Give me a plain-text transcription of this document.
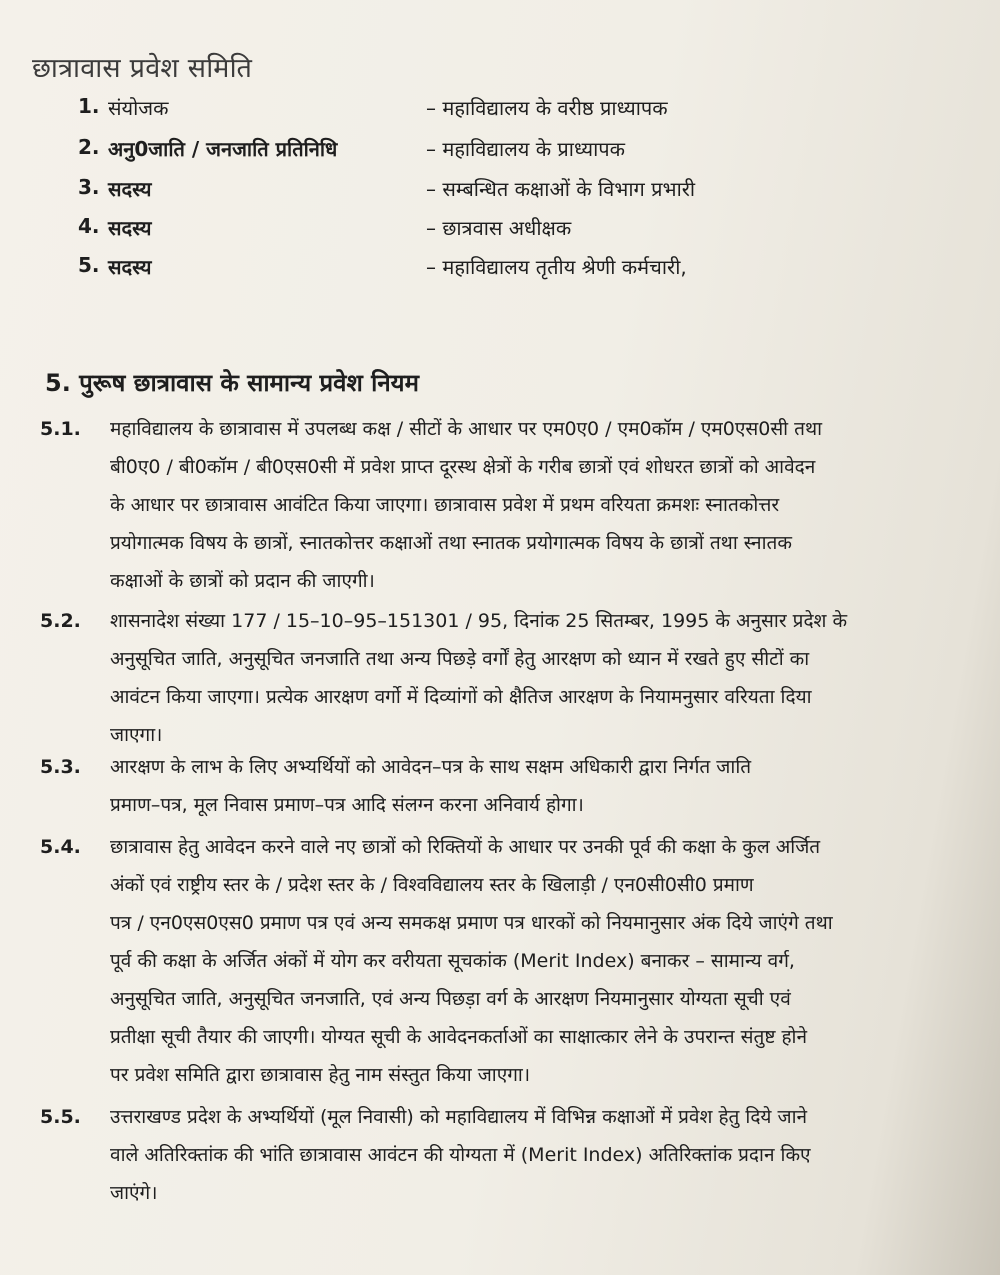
छात्रावास प्रवेश समिति
1. संयोजक	– महाविद्यालय के वरीष्ठ प्राध्यापक
2. अनु0जाति / जनजाति प्रतिनिधि	– महाविद्यालय के प्राध्यापक
3. सदस्य	– सम्बन्धित कक्षाओं के विभाग प्रभारी
4. सदस्य	– छात्रवास अधीक्षक
5. सदस्य	– महाविद्यालय तृतीय श्रेणी कर्मचारी,
5. पुरूष छात्रावास के सामान्य प्रवेश नियम
5.1. महाविद्यालय के छात्रावास में उपलब्ध कक्ष / सीटों के आधार पर एम0ए0 / एम0कॉम / एम0एस0सी तथा

बी0ए0 / बी0कॉम / बी0एस0सी में प्रवेश प्राप्त दूरस्थ क्षेत्रों के गरीब छात्रों एवं शोधरत छात्रों को आवेदन

के आधार पर छात्रावास आवंटित किया जाएगा। छात्रावास प्रवेश में प्रथम वरियता क्रमशः स्नातकोत्तर

प्रयोगात्मक विषय के छात्रों, स्नातकोत्तर कक्षाओं तथा स्नातक प्रयोगात्मक विषय के छात्रों तथा स्नातक

कक्षाओं के छात्रों को प्रदान की जाएगी।

5.2. शासनादेश संख्या 177 / 15–10–95–151301 / 95, दिनांक 25 सितम्बर, 1995 के अनुसार प्रदेश के

अनुसूचित जाति, अनुसूचित जनजाति तथा अन्य पिछड़े वर्गों हेतु आरक्षण को ध्यान में रखते हुए सीटों का

आवंटन किया जाएगा। प्रत्येक आरक्षण वर्गो में दिव्यांगों को क्षैतिज आरक्षण के नियामनुसार वरियता दिया

जाएगा।

5.3. आरक्षण के लाभ के लिए अभ्यर्थियों को आवेदन–पत्र के साथ सक्षम अधिकारी द्वारा निर्गत जाति

प्रमाण–पत्र, मूल निवास प्रमाण–पत्र आदि संलग्न करना अनिवार्य होगा।

5.4. छात्रावास हेतु आवेदन करने वाले नए छात्रों को रिक्तियों के आधार पर उनकी पूर्व की कक्षा के कुल अर्जित

अंकों एवं राष्ट्रीय स्तर के / प्रदेश स्तर के / विश्वविद्यालय स्तर के खिलाड़ी / एन0सी0सी0 प्रमाण

पत्र / एन0एस0एस0 प्रमाण पत्र एवं अन्य समकक्ष प्रमाण पत्र धारकों को नियमानुसार अंक दिये जाएंगे तथा

पूर्व की कक्षा के अर्जित अंकों में योग कर वरीयता सूचकांक (Merit Index) बनाकर – सामान्य वर्ग,

अनुसूचित जाति, अनुसूचित जनजाति, एवं अन्य पिछड़ा वर्ग के आरक्षण नियमानुसार योग्यता सूची एवं

प्रतीक्षा सूची तैयार की जाएगी। योग्यत सूची के आवेदनकर्ताओं का साक्षात्कार लेने के उपरान्त संतुष्ट होने

पर प्रवेश समिति द्वारा छात्रावास हेतु नाम संस्तुत किया जाएगा।

5.5. उत्तराखण्ड प्रदेश के अभ्यर्थियों (मूल निवासी) को महाविद्यालय में विभिन्न कक्षाओं में प्रवेश हेतु दिये जाने

वाले अतिरिक्तांक की भांति छात्रावास आवंटन की योग्यता में (Merit Index) अतिरिक्तांक प्रदान किए

जाएंगे।
